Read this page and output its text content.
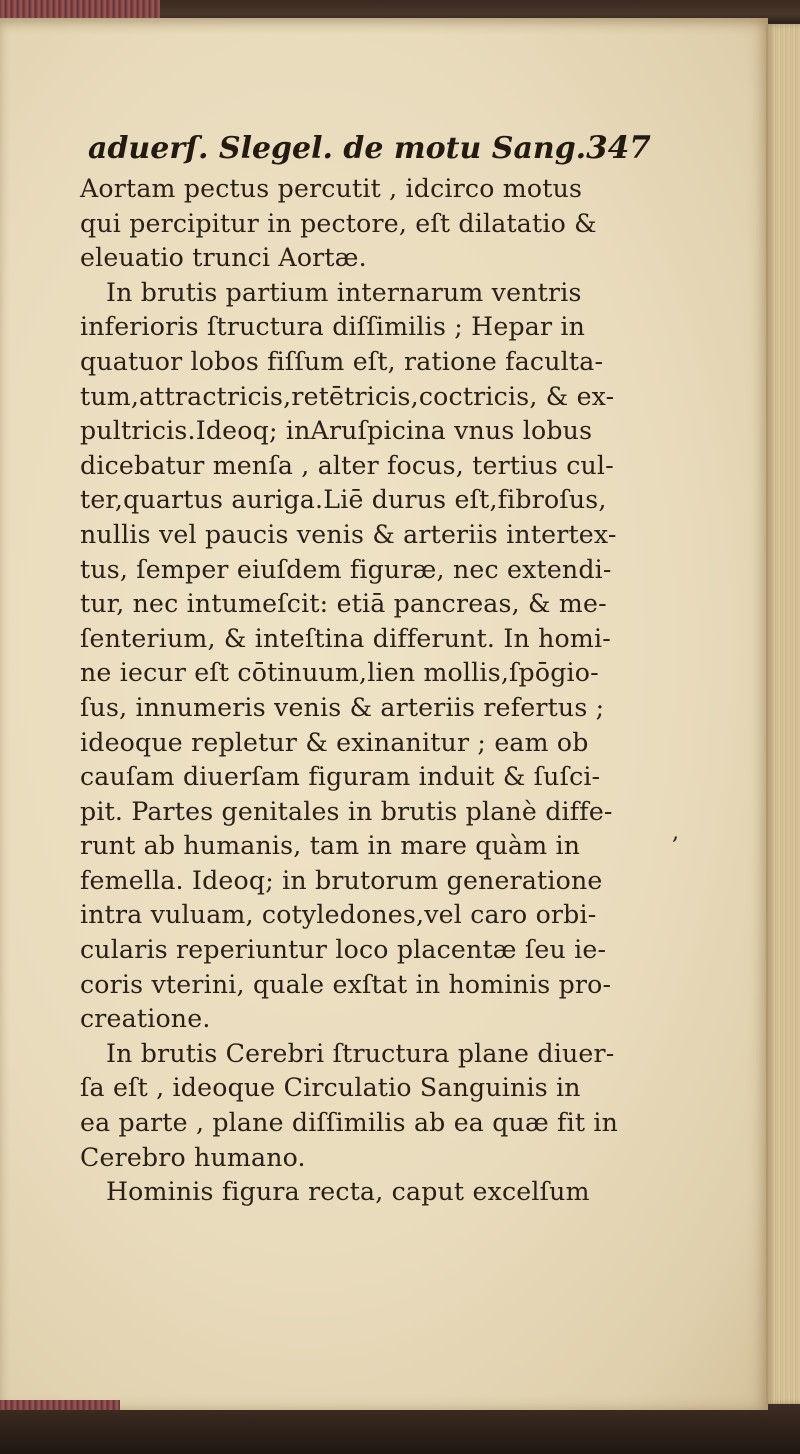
aduerſ. Slegel. de motu Sang. 347
Aortam pectus percutit , idcirco motus
qui percipitur in pectore, eſt dilatatio &
eleuatio trunci Aortæ.
In brutis partium internarum ventris
inferioris ſtructura diſſimilis ; Hepar in
quatuor lobos fiſſum eſt, ratione faculta-
tum,attractricis,retētricis,coctricis, & ex-
pultricis.Ideoq; inAruſpicina vnus lobus
dicebatur menſa , alter focus, tertius cul-
ter,quartus auriga.Liē durus eſt,fibroſus,
nullis vel paucis venis & arteriis intertex-
tus, ſemper eiuſdem figuræ, nec extendi-
tur, nec intumeſcit: etiā pancreas, & me-
ſenterium, & inteſtina differunt. In homi-
ne iecur eſt cōtinuum,lien mollis,ſpōgio-
ſus, innumeris venis & arteriis refertus ;
ideoque repletur & exinanitur ; eam ob
cauſam diuerſam figuram induit & ſuſci-
pit. Partes genitales in brutis planè diffe-
runt ab humanis, tam in mare quàm in
femella. Ideoq; in brutorum generatione
intra vuluam, cotyledones,vel caro orbi-
cularis reperiuntur loco placentæ ſeu ie-
coris vterini, quale exſtat in hominis pro-
creatione.
In brutis Cerebri ſtructura plane diuer-
ſa eſt , ideoque Circulatio Sanguinis in
ea parte , plane diſſimilis ab ea quæ fit in
Cerebro humano.
Hominis figura recta, caput excelſum
,
